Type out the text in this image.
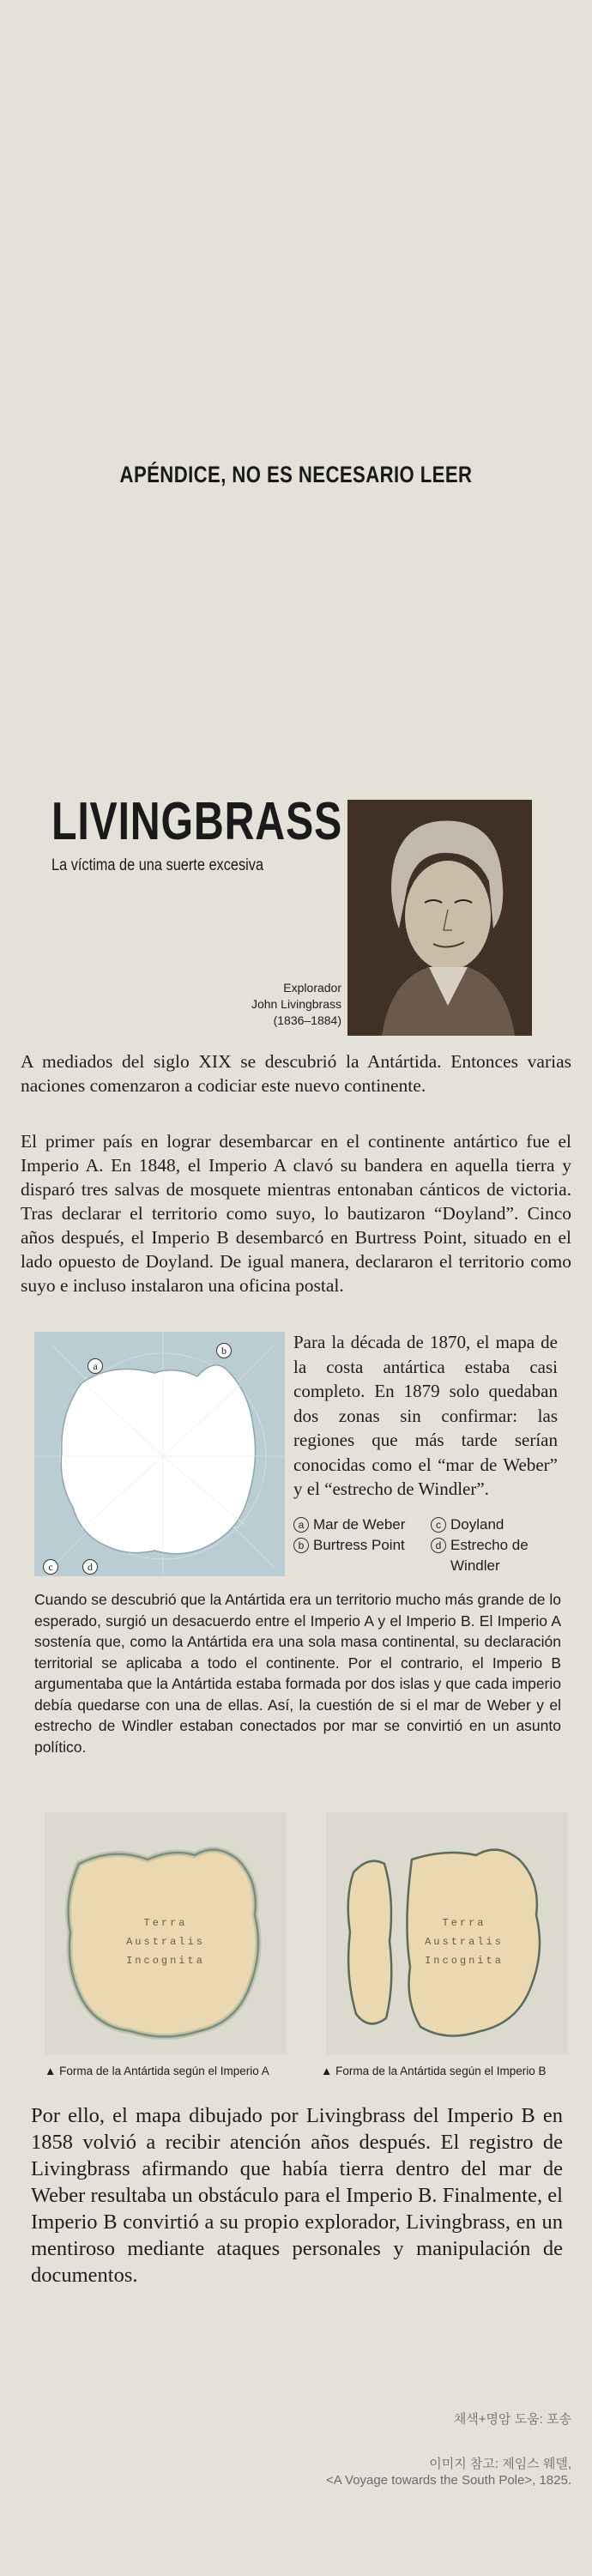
APÉNDICE, NO ES NECESARIO LEER
LIVINGBRASS
La víctima de una suerte excesiva
Explorador
John Livingbrass
(1836–1884)
A mediados del siglo XIX se descubrió la Antártida. Entonces varias naciones comenzaron a codiciar este nuevo continente.
El primer país en lograr desembarcar en el continente antártico fue el Imperio A. En 1848, el Imperio A clavó su bandera en aquella tierra y disparó tres salvas de mosquete mientras entonaban cánticos de victoria. Tras declarar el territorio como suyo, lo bautizaron “Doyland”. Cinco años después, el Imperio B desembarcó en Burtress Point, situado en el lado opuesto de Doyland. De igual manera, declararon el territorio como suyo e incluso instalaron una oficina postal.
a
b
c	d
Para la década de 1870, el mapa de la costa antártica estaba casi completo. En 1879 solo quedaban dos zonas sin confirmar: las regiones que más tarde serían conocidas como el “mar de Weber” y el “estrecho de Windler”.
a Mar de Weber	c Doyland
b Burtress Point	d Estrecho de Windler
Cuando se descubrió que la Antártida era un territorio mucho más grande de lo esperado, surgió un desacuerdo entre el Imperio A y el Imperio B. El Imperio A sostenía que, como la Antártida era una sola masa continental, su declaración territorial se aplicaba a todo el continente. Por el contrario, el Imperio B argumentaba que la Antártida estaba formada por dos islas y que cada imperio debía quedarse con una de ellas. Así, la cuestión de si el mar de Weber y el estrecho de Windler estaban conectados por mar se convirtió en un asunto político.
Terra
Australis
Incognita
Terra
Australis
Incognita
▲ Forma de la Antártida según el Imperio A	▲ Forma de la Antártida según el Imperio B
Por ello, el mapa dibujado por Livingbrass del Imperio B en 1858 volvió a recibir atención años después. El registro de Livingbrass afirmando que había tierra dentro del mar de Weber resultaba un obstáculo para el Imperio B. Finalmente, el Imperio B convirtió a su propio explorador, Livingbrass, en un mentiroso mediante ataques personales y manipulación de documentos.
채색+명암 도움: 포송
이미지 참고: 제임스 웨델,
<A Voyage towards the South Pole>, 1825.
